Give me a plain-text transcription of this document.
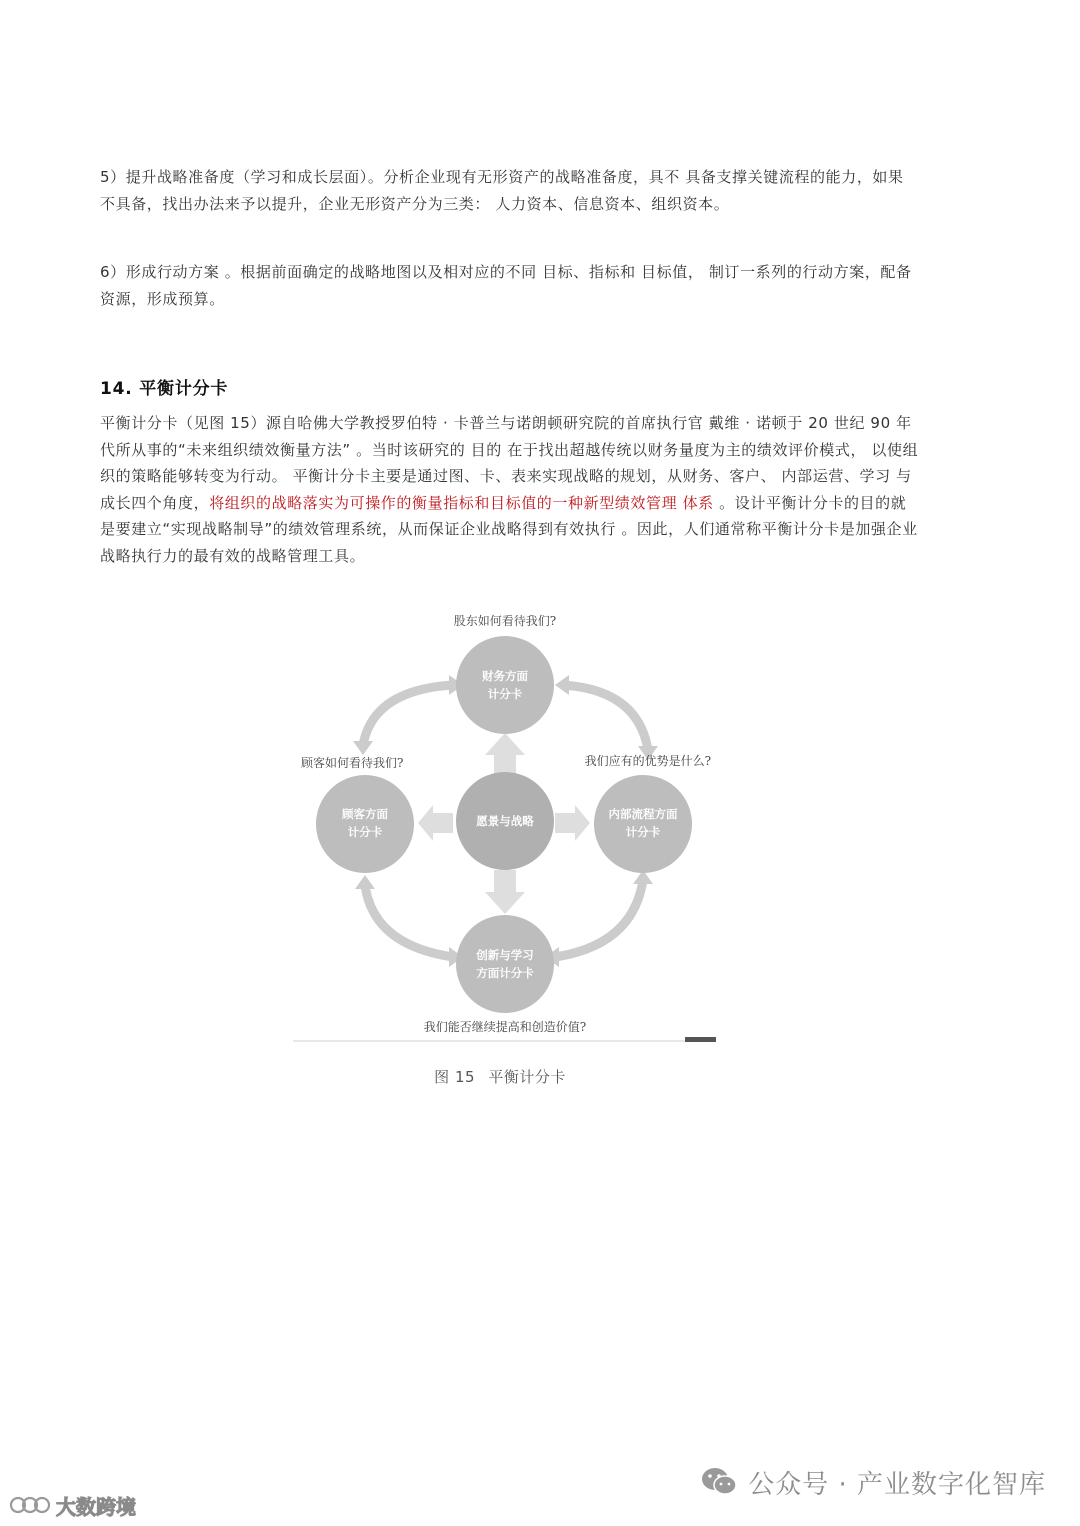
5）提升战略准备度（学习和成长层面）。分析企业现有无形资产的战略准备度，具不 具备支撑关键流程的能力，如果不具备，找出办法来予以提升，企业无形资产分为三类： 人力资本、信息资本、组织资本。

6）形成行动方案 。根据前面确定的战略地图以及相对应的不同 目标、指标和 目标值， 制订一系列的行动方案，配备资源，形成预算。

14. 平衡计分卡

平衡计分卡（见图 15）源自哈佛大学教授罗伯特 · 卡普兰与诺朗顿研究院的首席执行官 戴维 · 诺顿于 20 世纪 90 年代所从事的“未来组织绩效衡量方法” 。当时该研究的 目的 在于找出超越传统以财务量度为主的绩效评价模式， 以使组织的策略能够转变为行动。 平衡计分卡主要是通过图、卡、表来实现战略的规划，从财务、客户、 内部运营、学习 与成长四个角度，将组织的战略落实为可操作的衡量指标和目标值的一种新型绩效管理 体系 。设计平衡计分卡的目的就是要建立“实现战略制导”的绩效管理系统，从而保证企业战略得到有效执行 。因此，人们通常称平衡计分卡是加强企业战略执行力的最有效的战略管理工具。

财务方面
计分卡
顾客方面
计分卡
内部流程方面
计分卡
创新与学习
方面计分卡
愿景与战略
股东如何看待我们?
顾客如何看待我们?	我们应有的优势是什么?
我们能否继续提高和创造价值?
图 15 平衡计分卡
大数跨境
公众号 · 产业数字化智库
